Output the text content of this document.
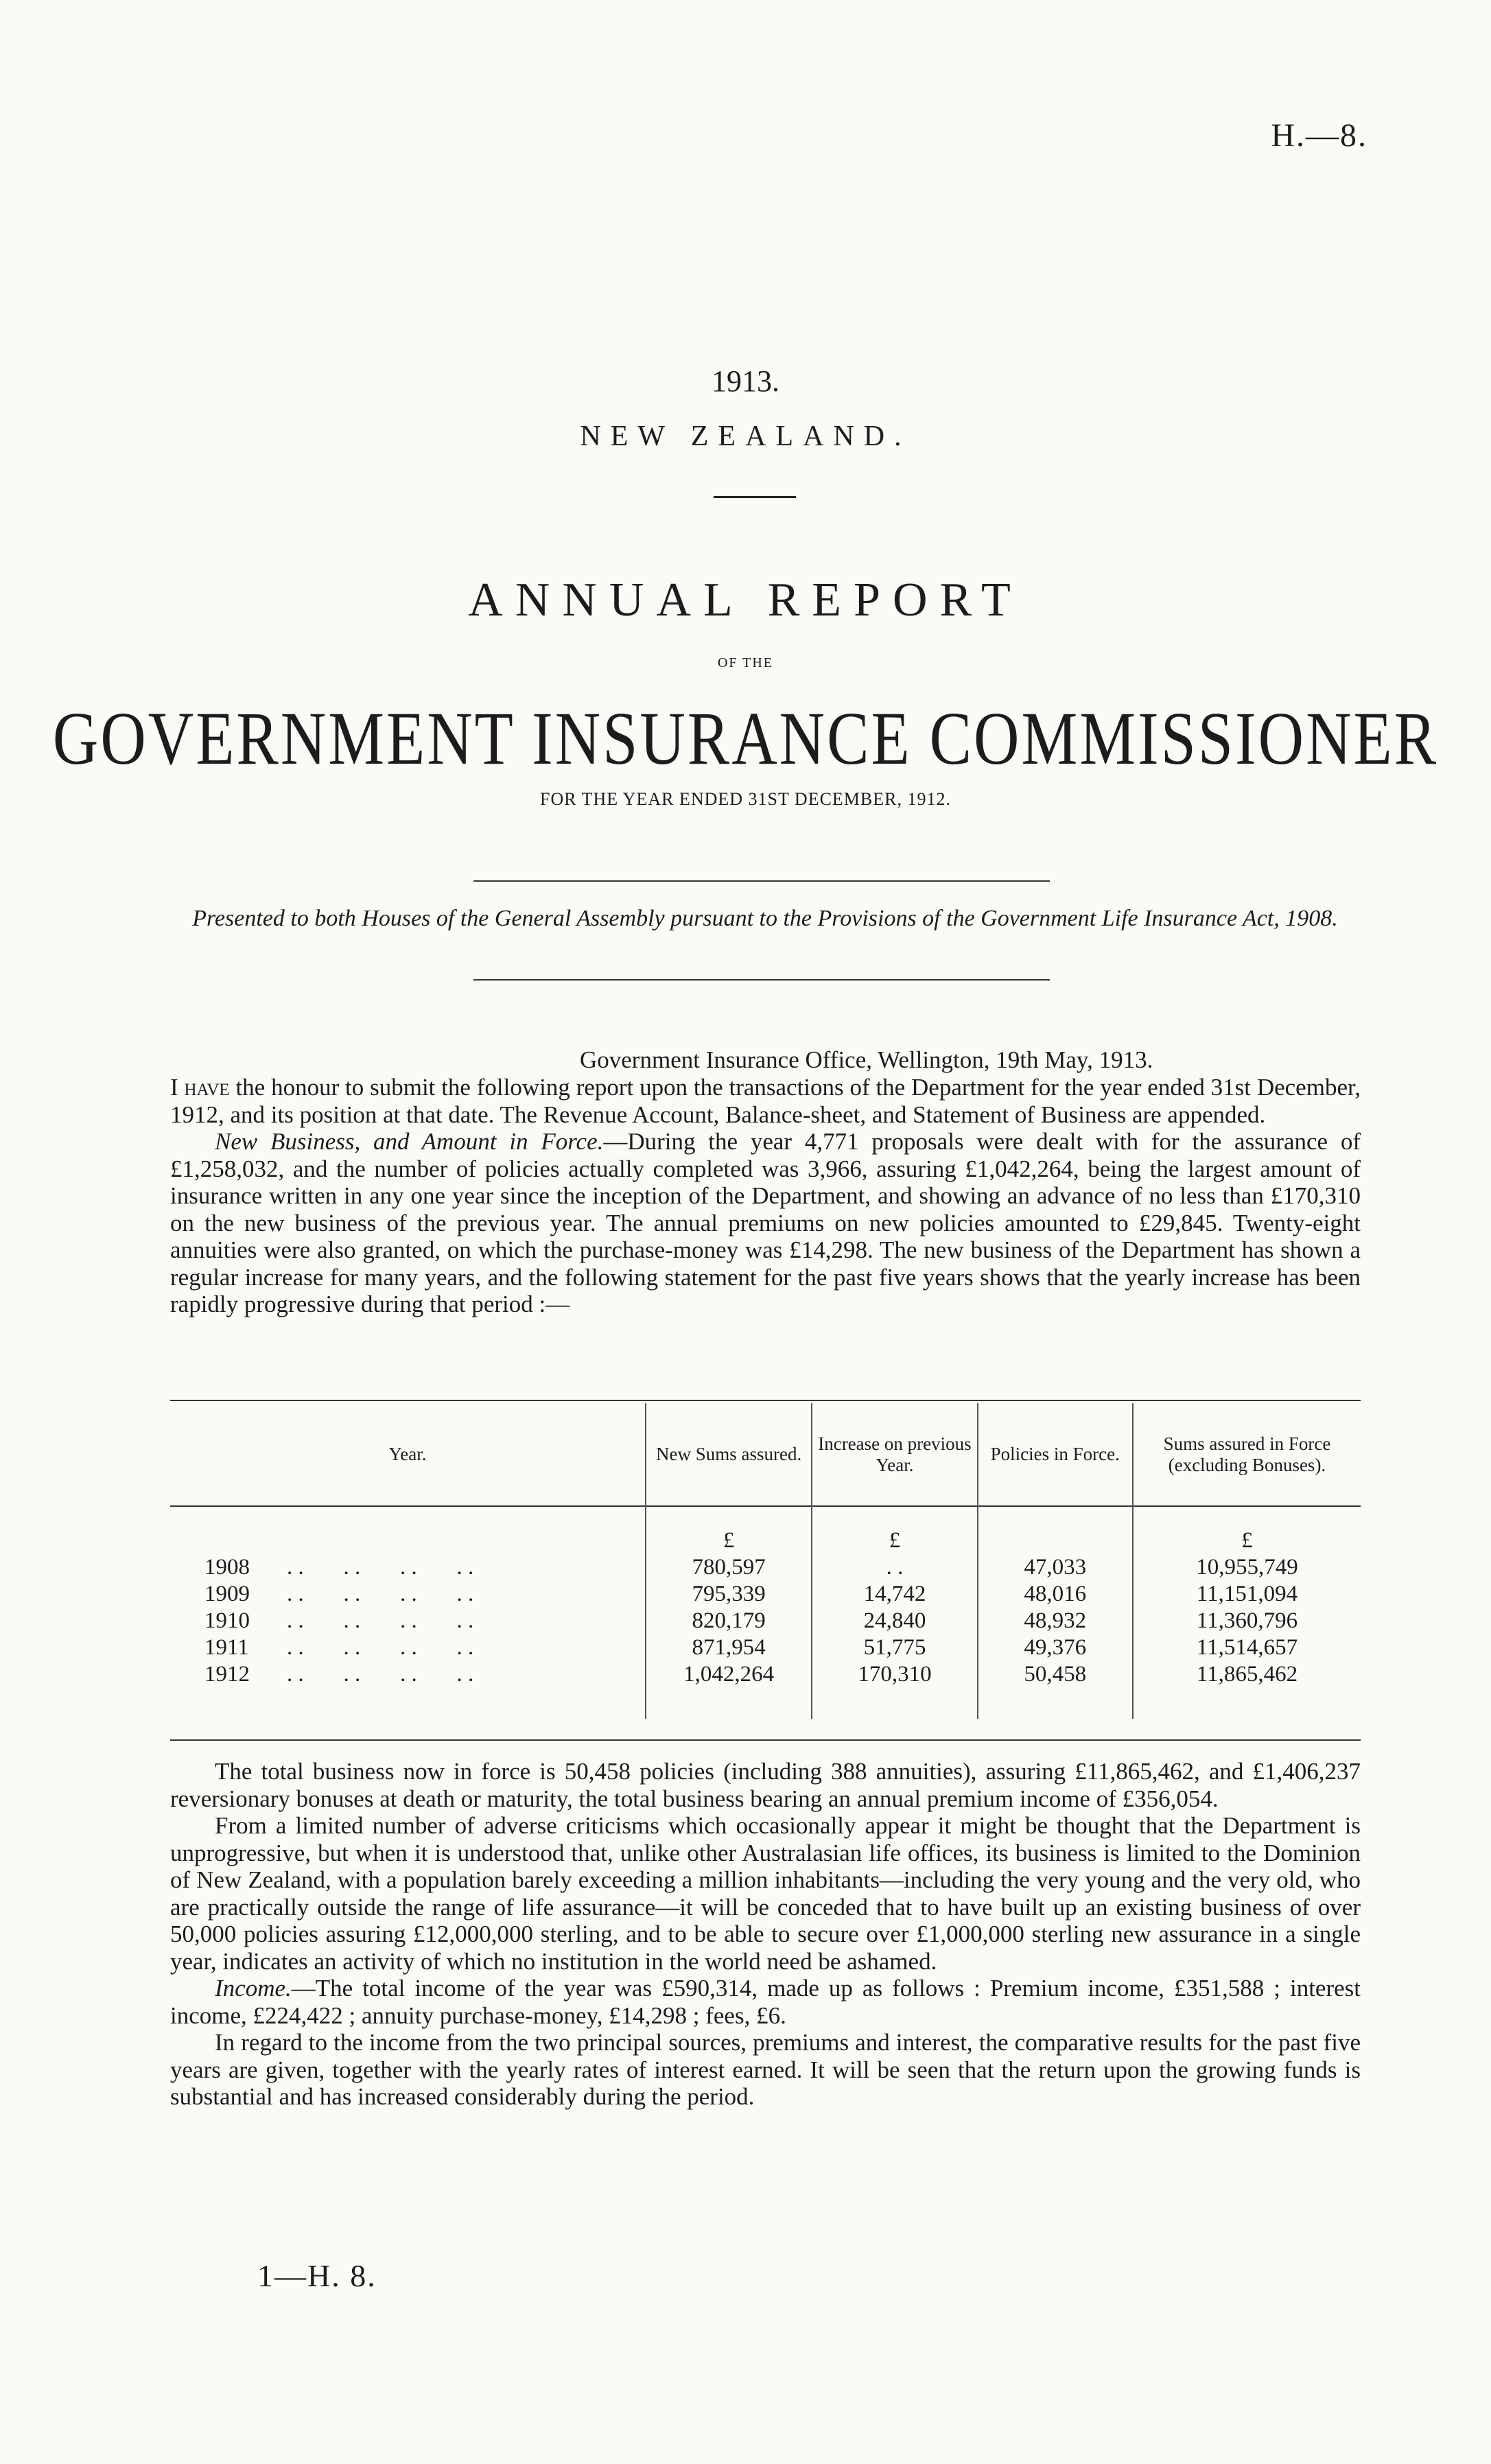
H.—8.
1913.
NEW ZEALAND.
ANNUAL REPORT
OF THE
GOVERNMENT INSURANCE COMMISSIONER
FOR THE YEAR ENDED 31ST DECEMBER, 1912.
Presented to both Houses of the General Assembly pursuant to the Provisions of the Government Life Insurance Act, 1908.
Government Insurance Office, Wellington, 19th May, 1913.

I have the honour to submit the following report upon the transactions of the Department for the year ended 31st December, 1912, and its position at that date. The Revenue Account, Balance-sheet, and Statement of Business are appended.

New Business, and Amount in Force.—During the year 4,771 proposals were dealt with for the assurance of £1,258,032, and the number of policies actually completed was 3,966, assuring £1,042,264, being the largest amount of insurance written in any one year since the inception of the Department, and showing an advance of no less than £170,310 on the new business of the previous year. The annual premiums on new policies amounted to £29,845. Twenty-eight annuities were also granted, on which the purchase-money was £14,298. The new business of the Department has shown a regular increase for many years, and the following statement for the past five years shows that the yearly increase has been rapidly progressive during that period :—

Year.	New Sums assured.	Increase on previous Year.	Policies in Force.	Sums assured in Force (excluding Bonuses).
	£	£		£
1908 . .       . .       . .       . .	780,597	. .	47,033	10,955,749
1909 . .       . .       . .       . .	795,339	14,742	48,016	11,151,094
1910 . .       . .       . .       . .	820,179	24,840	48,932	11,360,796
1911 . .       . .       . .       . .	871,954	51,775	49,376	11,514,657
1912 . .       . .       . .       . .	1,042,264	170,310	50,458	11,865,462

The total business now in force is 50,458 policies (including 388 annuities), assuring £11,865,462, and £1,406,237 reversionary bonuses at death or maturity, the total business bearing an annual premium income of £356,054.

From a limited number of adverse criticisms which occasionally appear it might be thought that the Department is unprogressive, but when it is understood that, unlike other Australasian life offices, its business is limited to the Dominion of New Zealand, with a population barely exceeding a million inhabitants—including the very young and the very old, who are practically outside the range of life assurance—it will be conceded that to have built up an existing business of over 50,000 policies assuring £12,000,000 sterling, and to be able to secure over £1,000,000 sterling new assurance in a single year, indicates an activity of which no institution in the world need be ashamed.

Income.—The total income of the year was £590,314, made up as follows : Premium income, £351,588 ; interest income, £224,422 ; annuity purchase-money, £14,298 ; fees, £6.

In regard to the income from the two principal sources, premiums and interest, the comparative results for the past five years are given, together with the yearly rates of interest earned. It will be seen that the return upon the growing funds is substantial and has increased considerably during the period.

1—H. 8.
